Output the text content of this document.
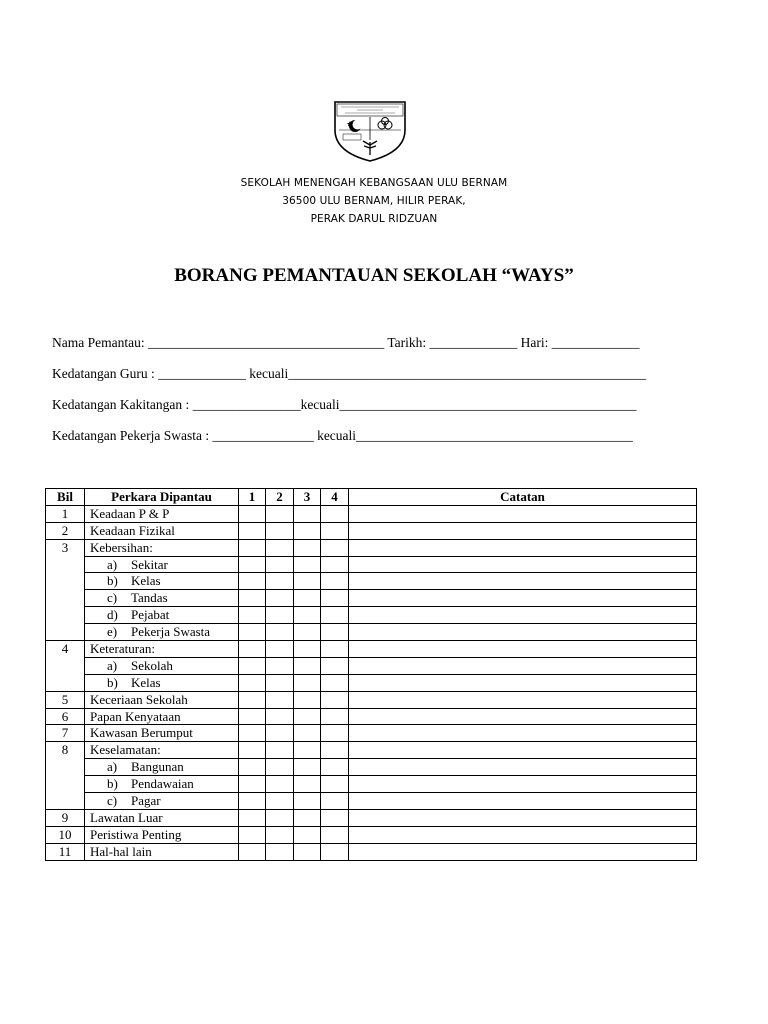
SEKOLAH MENENGAH KEBANGSAAN ULU BERNAM
36500 ULU BERNAM, HILIR PERAK,
PERAK DARUL RIDZUAN
BORANG PEMANTAUAN SEKOLAH “WAYS”
Nama Pemantau: ___________________________________ Tarikh: _____________ Hari: _____________
Kedatangan Guru : _____________ kecuali_____________________________________________________
Kedatangan Kakitangan : ________________kecuali____________________________________________
Kedatangan Pekerja Swasta : _______________ kecuali_________________________________________
Bil	Perkara Dipantau	1	2	3	4	Catatan
1	Keadaan P & P					
2	Keadaan Fizikal					
3	Kebersihan:					
	a) Sekitar					
	b) Kelas					
	c) Tandas					
	d) Pejabat					
	e) Pekerja Swasta					
4	Keteraturan:					
	a) Sekolah					
	b) Kelas					
5	Keceriaan Sekolah					
6	Papan Kenyataan					
7	Kawasan Berumput					
8	Keselamatan:					
	a) Bangunan					
	b) Pendawaian					
	c) Pagar					
9	Lawatan Luar					
10	Peristiwa Penting					
11	Hal-hal lain					
